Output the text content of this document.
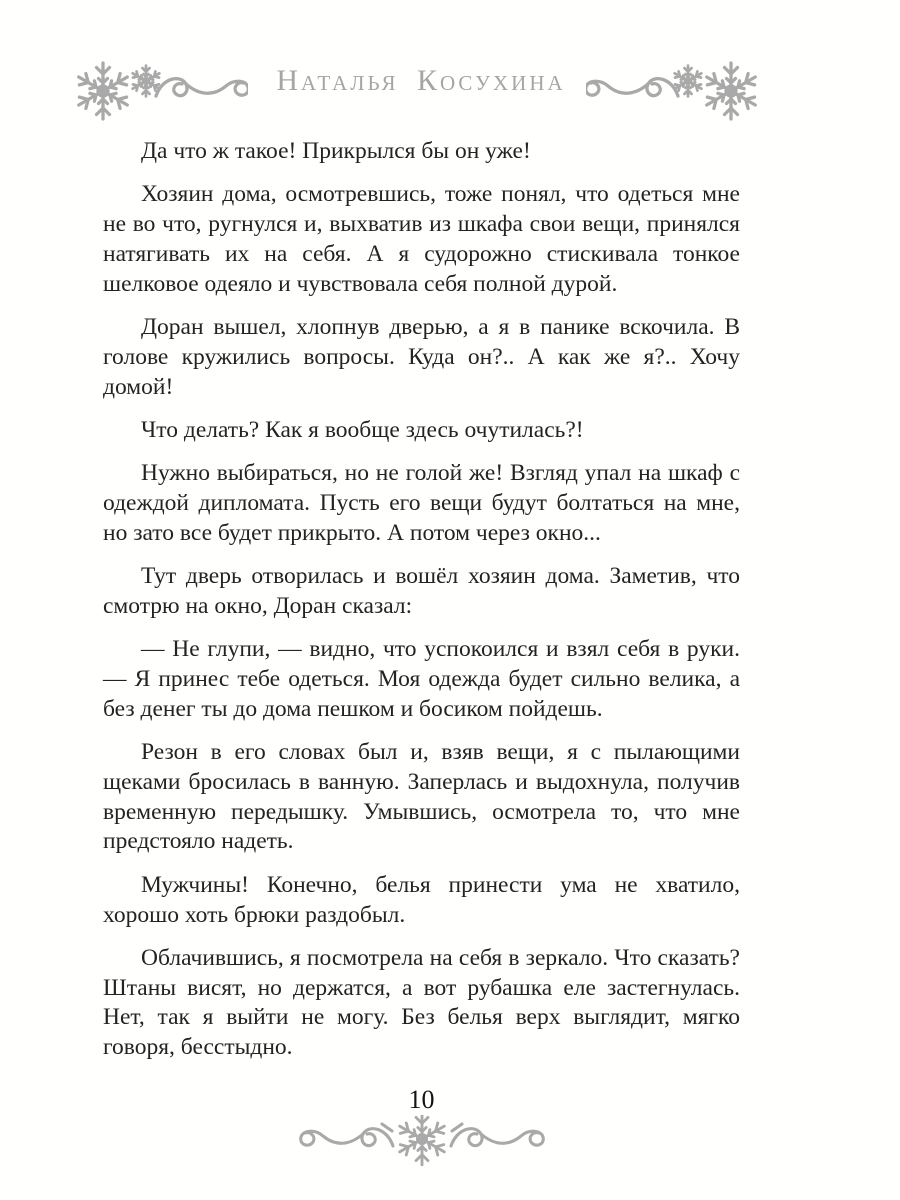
Наталья Косухина

Да что ж такое! Прикрылся бы он уже!

Хозяин дома, осмотревшись, тоже понял, что одеться мне не во что, ругнулся и, выхватив из шкафа свои вещи, принялся натягивать их на себя. А я судорожно стискивала тонкое шелковое одеяло и чувствовала себя полной дурой.

Доран вышел, хлопнув дверью, а я в панике вскочила. В голове кружились вопросы. Куда он?.. А как же я?.. Хочу домой!

Что делать? Как я вообще здесь очутилась?!

Нужно выбираться, но не голой же! Взгляд упал на шкаф с одеждой дипломата. Пусть его вещи будут болтаться на мне, но зато все будет прикрыто. А потом через окно...

Тут дверь отворилась и вошёл хозяин дома. Заметив, что смотрю на окно, Доран сказал:

— Не глупи, — видно, что успокоился и взял себя в руки. — Я принес тебе одеться. Моя одежда будет сильно велика, а без денег ты до дома пешком и босиком пойдешь.

Резон в его словах был и, взяв вещи, я с пылающими щеками бросилась в ванную. Заперлась и выдохнула, получив временную передышку. Умывшись, осмотрела то, что мне предстояло надеть.

Мужчины! Конечно, белья принести ума не хватило, хорошо хоть брюки раздобыл.

Облачившись, я посмотрела на себя в зеркало. Что сказать? Штаны висят, но держатся, а вот рубашка еле застегнулась. Нет, так я выйти не могу. Без белья верх выглядит, мягко говоря, бесстыдно.

10
